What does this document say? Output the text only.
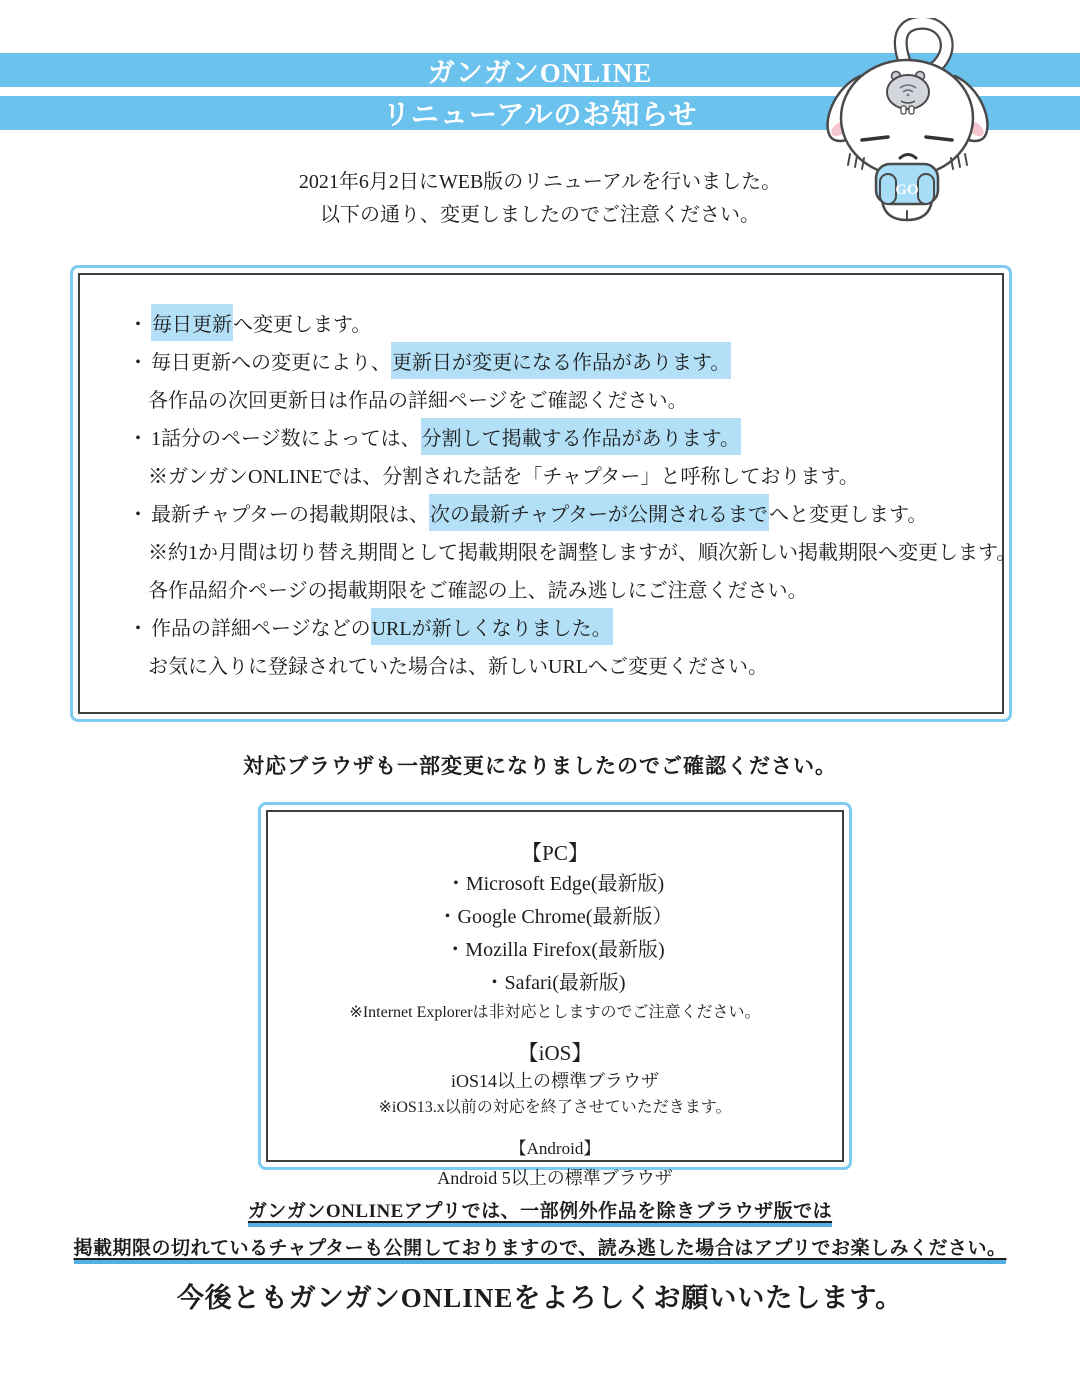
ガンガンONLINE
リニューアルのお知らせ
GO
2021年6月2日にWEB版のリニューアルを行いました。
以下の通り、変更しましたのでご注意ください。
・ 毎日更新 へ変更します。
・ 毎日更新への変更により、 更新日が変更になる作品があります。
各作品の次回更新日は作品の詳細ページをご確認ください。
・ 1話分のページ数によっては、 分割して掲載する作品があります。
※ガンガンONLINEでは、分割された話を「チャプター」と呼称しております。
・ 最新チャプターの掲載期限は、 次の最新チャプターが公開されるまで へと変更します。
※約1か月間は切り替え期間として掲載期限を調整しますが、順次新しい掲載期限へ変更します。
各作品紹介ページの掲載期限をご確認の上、読み逃しにご注意ください。
・ 作品の詳細ページなどの URLが新しくなりました。
お気に入りに登録されていた場合は、新しいURLへご変更ください。
対応ブラウザも一部変更になりましたのでご確認ください。
【PC】
・Microsoft Edge(最新版)
・Google Chrome(最新版）
・Mozilla Firefox(最新版)
・Safari(最新版)
※Internet Explorerは非対応としますのでご注意ください。
【iOS】
iOS14以上の標準ブラウザ
※iOS13.x以前の対応を終了させていただきます。
【Android】
Android 5以上の標準ブラウザ
ガンガンONLINEアプリでは、一部例外作品を除きブラウザ版では
掲載期限の切れているチャプターも公開しておりますので、読み逃した場合はアプリでお楽しみください。
今後ともガンガンONLINEをよろしくお願いいたします。
